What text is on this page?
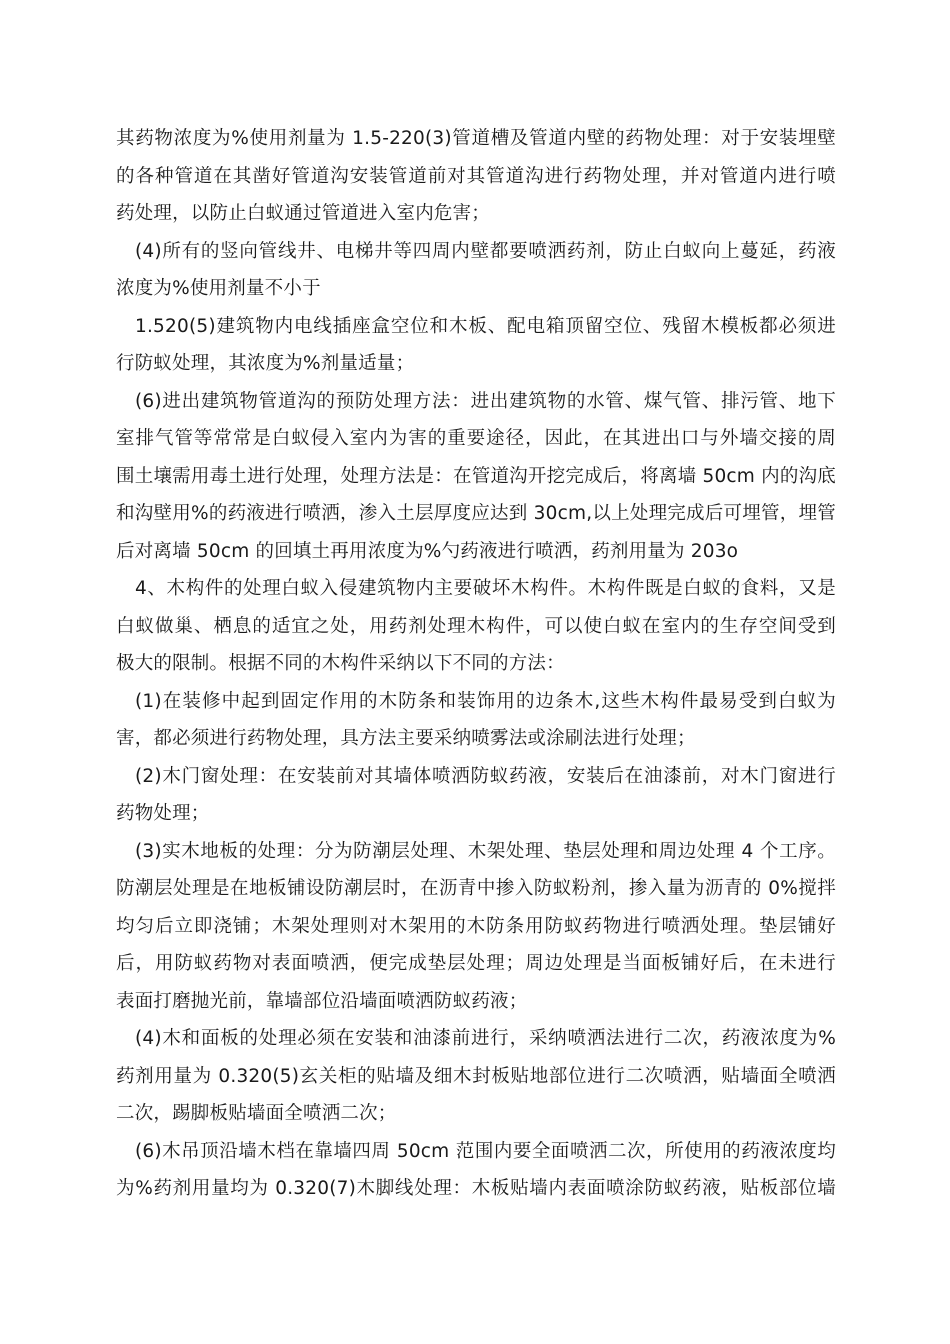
其药物浓度为%使用剂量为 1.5-220(3)管道槽及管道内壁的药物处理：对于安装埋壁
的各种管道在其凿好管道沟安装管道前对其管道沟进行药物处理，并对管道内进行喷
药处理，以防止白蚁通过管道进入室内危害；
(4)所有的竖向管线井、电梯井等四周内壁都要喷洒药剂，防止白蚁向上蔓延，药液
浓度为%使用剂量不小于
1.520(5)建筑物内电线插座盒空位和木板、配电箱顶留空位、残留木模板都必须进
行防蚁处理，其浓度为%剂量适量；
(6)进出建筑物管道沟的预防处理方法：进出建筑物的水管、煤气管、排污管、地下
室排气管等常常是白蚁侵入室内为害的重要途径，因此，在其进出口与外墙交接的周
围土壤需用毒土进行处理，处理方法是：在管道沟开挖完成后，将离墙 50cm 内的沟底
和沟壁用%的药液进行喷洒，渗入土层厚度应达到 30cm,以上处理完成后可埋管，埋管
后对离墙 50cm 的回填土再用浓度为%勺药液进行喷洒，药剂用量为 203o
4、木构件的处理白蚁入侵建筑物内主要破坏木构件。木构件既是白蚁的食料，又是
白蚁做巢、栖息的适宜之处，用药剂处理木构件，可以使白蚁在室内的生存空间受到
极大的限制。根据不同的木构件采纳以下不同的方法：
(1)在装修中起到固定作用的木防条和装饰用的边条木,这些木构件最易受到白蚁为
害，都必须进行药物处理，具方法主要采纳喷雾法或涂刷法进行处理；
(2)木门窗处理：在安装前对其墙体喷洒防蚁药液，安装后在油漆前，对木门窗进行
药物处理；
(3)实木地板的处理：分为防潮层处理、木架处理、垫层处理和周边处理 4 个工序。
防潮层处理是在地板铺设防潮层时，在沥青中掺入防蚁粉剂，掺入量为沥青的 0%搅拌
均匀后立即浇铺；木架处理则对木架用的木防条用防蚁药物进行喷洒处理。垫层铺好
后，用防蚁药物对表面喷洒，便完成垫层处理；周边处理是当面板铺好后，在未进行
表面打磨抛光前，靠墙部位沿墙面喷洒防蚁药液；
(4)木和面板的处理必须在安装和油漆前进行，采纳喷洒法进行二次，药液浓度为%
药剂用量为 0.320(5)玄关柜的贴墙及细木封板贴地部位进行二次喷洒，贴墙面全喷洒
二次，踢脚板贴墙面全喷洒二次；
(6)木吊顶沿墙木档在靠墙四周 50cm 范围内要全面喷洒二次，所使用的药液浓度均
为%药剂用量均为 0.320(7)木脚线处理：木板贴墙内表面喷涂防蚁药液，贴板部位墙
